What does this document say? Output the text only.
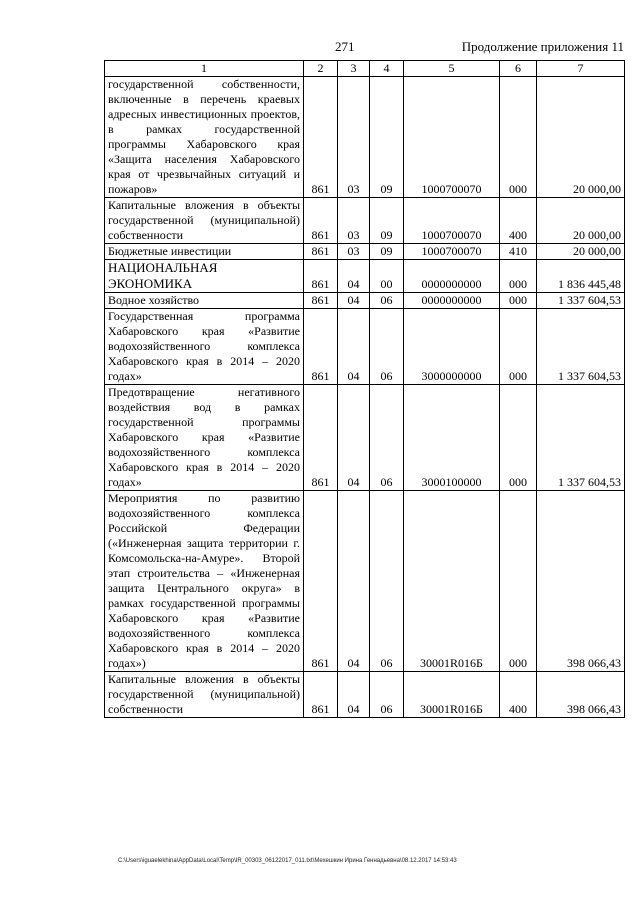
271	Продолжение приложения 11
1	2	3	4	5	6	7
государственной собственности, включенные в перечень краевых адресных инвестиционных проектов, в рамках государственной программы Хабаровского края «Защита населения Хабаровского края от чрезвычайных ситуаций и пожаров»	861	03	09	1000700070	000	20 000,00
Капитальные вложения в объекты государственной (муниципальной) собственности	861	03	09	1000700070	400	20 000,00
Бюджетные инвестиции	861	03	09	1000700070	410	20 000,00
НАЦИОНАЛЬНАЯ ЭКОНОМИКА	861	04	00	0000000000	000	1 836 445,48
Водное хозяйство	861	04	06	0000000000	000	1 337 604,53
Государственная программа Хабаровского края «Развитие водохозяйственного комплекса Хабаровского края в 2014 – 2020 годах»	861	04	06	3000000000	000	1 337 604,53
Предотвращение негативного воздействия вод в рамках государственной программы Хабаровского края «Развитие водохозяйственного комплекса Хабаровского края в 2014 – 2020 годах»	861	04	06	3000100000	000	1 337 604,53
Мероприятия по развитию водохозяйственного комплекса Российской Федерации («Инженерная защита территории г. Комсомольска-на-Амуре». Второй этап строительства – «Инженерная защита Центрального округа» в рамках государственной программы Хабаровского края «Развитие водохозяйственного комплекса Хабаровского края в 2014 – 2020 годах»)	861	04	06	30001R016Б	000	398 066,43
Капитальные вложения в объекты государственной (муниципальной) собственности	861	04	06	30001R016Б	400	398 066,43
C:\Users\iguaelekhina\AppData\Local\Temp\IR_00303_06122017_011.txt\Мехешкин Ирина Геннадьевна\08.12.2017 14:53:43
